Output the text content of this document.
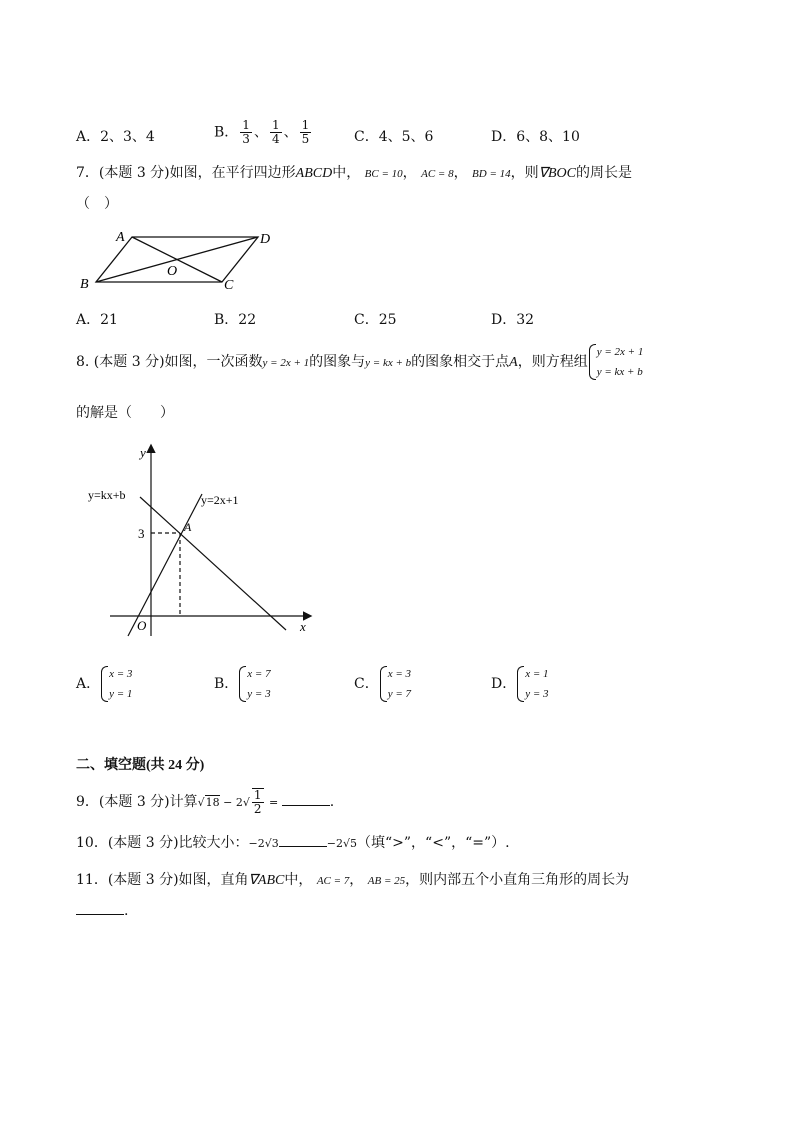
A．2、3、4	B． $\frac{1}{3}$ 、 $\frac{1}{4}$ 、 $\frac{1}{5}$	C．4、5、6	D．6、8、10
7．(本题 3 分)如图，在平行四边形ABCD中， BC = 10， AC = 8， BD = 14，则∇BOC的周长是
（　）
A	D
B	C
O
A．21	B．22	C．25	D．32
8. (本题 3 分)如图，一次函数y = 2x + 1的图象与y = kx + b的图象相交于点A，则方程组
y = 2x + 1
y = kx + b
的解是（　　）
y
x
O
y=kx+b	y=2x+1
3	A
A．
x = 3
y = 1
B．
x = 7
y = 3
C．
x = 3
y = 7
D．
x = 1
y = 3
二、填空题(共 24 分)
9．(本题 3 分)计算$√18 - 2√ \frac{1}{2}$ =	.
10．(本题 3 分)比较大小：−2√3	−2√5（填“>”，“<”，“=”）.
11．(本题 3 分)如图，直角∇ABC中， AC = 7， AB = 25，则内部五个小直角三角形的周长为
.
